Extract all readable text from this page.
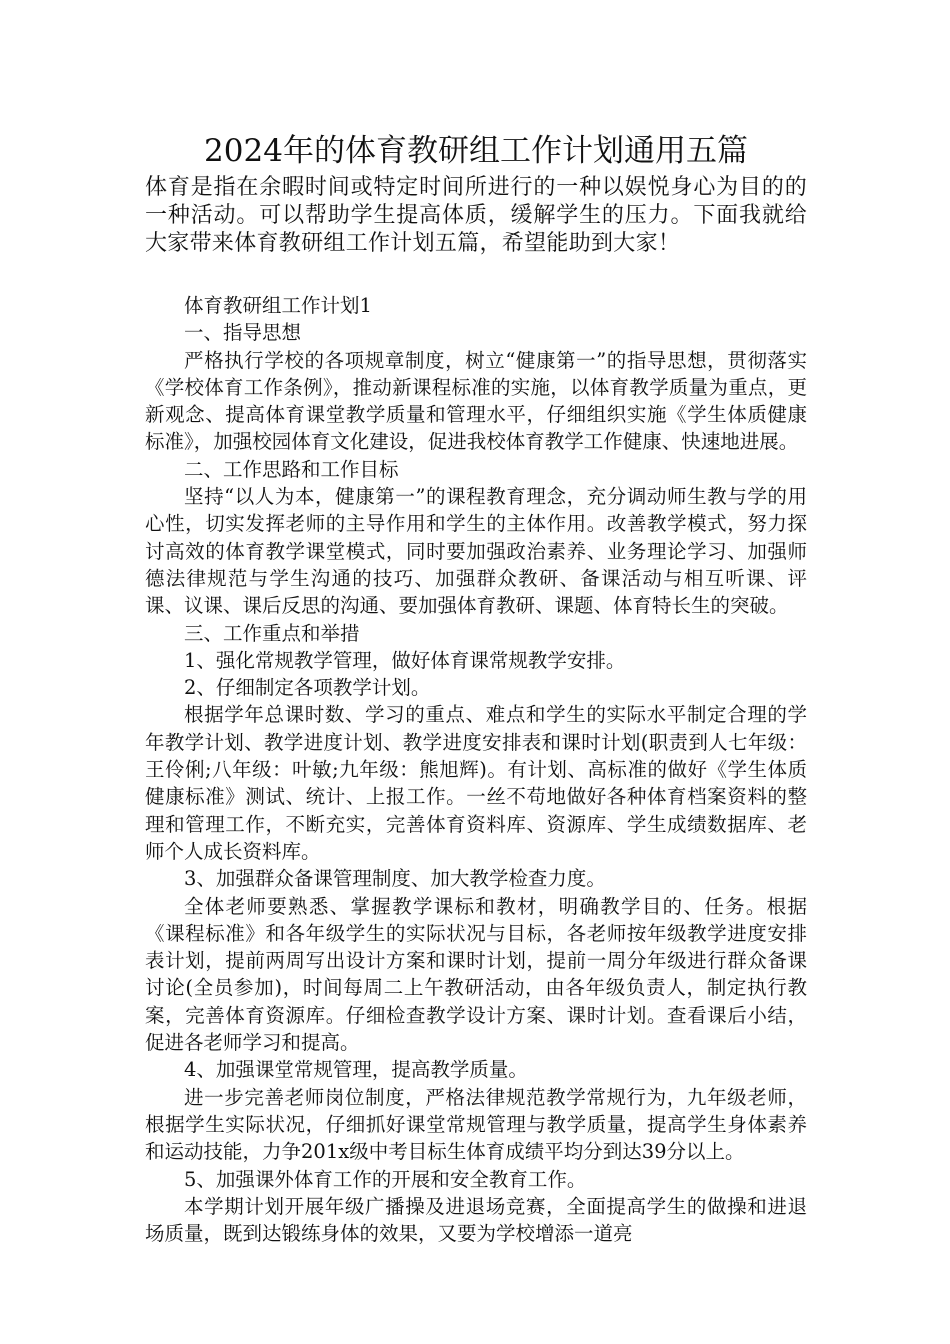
2024年的体育教研组工作计划通用五篇

体育是指在余暇时间或特定时间所进行的一种以娱悦身心为目的的一种活动。可以帮助学生提高体质，缓解学生的压力。下面我就给大家带来体育教研组工作计划五篇，希望能助到大家！

体育教研组工作计划1

一、指导思想

严格执行学校的各项规章制度，树立“健康第一”的指导思想，贯彻落实《学校体育工作条例》，推动新课程标准的实施，以体育教学质量为重点，更新观念、提高体育课堂教学质量和管理水平，仔细组织实施《学生体质健康标准》，加强校园体育文化建设，促进我校体育教学工作健康、快速地进展。

二、工作思路和工作目标

坚持“以人为本，健康第一”的课程教育理念，充分调动师生教与学的用心性，切实发挥老师的主导作用和学生的主体作用。改善教学模式，努力探讨高效的体育教学课堂模式，同时要加强政治素养、业务理论学习、加强师德法律规范与学生沟通的技巧、加强群众教研、备课活动与相互听课、评课、议课、课后反思的沟通、要加强体育教研、课题、体育特长生的突破。

三、工作重点和举措

1、强化常规教学管理，做好体育课常规教学安排。

2、仔细制定各项教学计划。

根据学年总课时数、学习的重点、难点和学生的实际水平制定合理的学年教学计划、教学进度计划、教学进度安排表和课时计划(职责到人七年级：王伶俐;八年级：叶敏;九年级：熊旭辉)。有计划、高标准的做好《学生体质健康标准》测试、统计、上报工作。一丝不苟地做好各种体育档案资料的整理和管理工作，不断充实，完善体育资料库、资源库、学生成绩数据库、老师个人成长资料库。

3、加强群众备课管理制度、加大教学检查力度。

全体老师要熟悉、掌握教学课标和教材，明确教学目的、任务。根据《课程标准》和各年级学生的实际状况与目标，各老师按年级教学进度安排表计划，提前两周写出设计方案和课时计划，提前一周分年级进行群众备课讨论(全员参加)，时间每周二上午教研活动，由各年级负责人，制定执行教案，完善体育资源库。仔细检查教学设计方案、课时计划。查看课后小结，促进各老师学习和提高。

4、加强课堂常规管理，提高教学质量。

进一步完善老师岗位制度，严格法律规范教学常规行为，九年级老师，根据学生实际状况，仔细抓好课堂常规管理与教学质量，提高学生身体素养和运动技能，力争201x级中考目标生体育成绩平均分到达39分以上。

5、加强课外体育工作的开展和安全教育工作。

本学期计划开展年级广播操及进退场竞赛，全面提高学生的做操和进退场质量，既到达锻练身体的效果，又要为学校增添一道亮
